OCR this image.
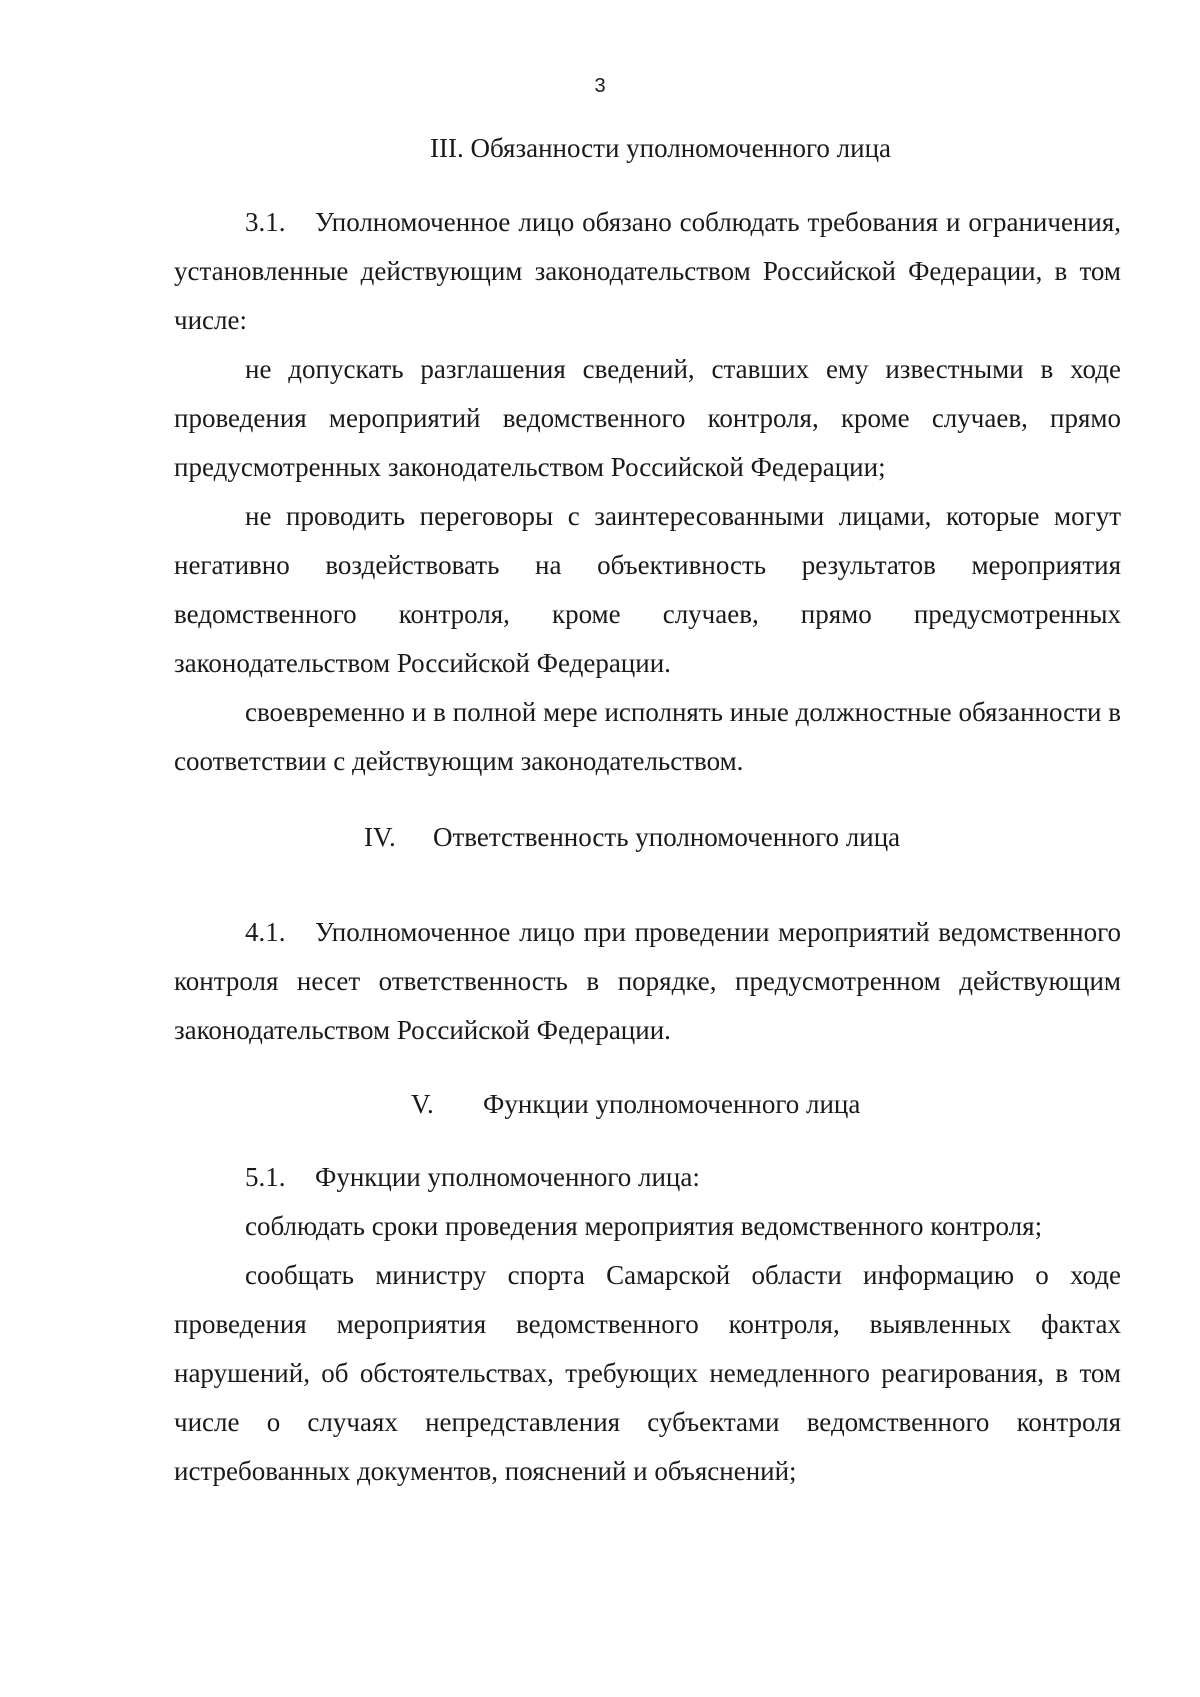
3
III. Обязанности уполномоченного лица

3.1. Уполномоченное лицо обязано соблюдать требования и ограничения, установленные действующим законодательством Российской Федерации, в том числе:

не допускать разглашения сведений, ставших ему известными в ходе проведения мероприятий ведомственного контроля, кроме случаев, прямо предусмотренных законодательством Российской Федерации;

не проводить переговоры с заинтересованными лицами, которые могут негативно воздействовать на объективность результатов мероприятия ведомственного контроля, кроме случаев, прямо предусмотренных законодательством Российской Федерации.

своевременно и в полной мере исполнять иные должностные обязанности в соответствии с действующим законодательством.

IV. Ответственность уполномоченного лица

4.1. Уполномоченное лицо при проведении мероприятий ведомственного контроля несет ответственность в порядке, предусмотренном действующим законодательством Российской Федерации.

V. Функции уполномоченного лица

5.1. Функции уполномоченного лица:

соблюдать сроки проведения мероприятия ведомственного контроля;

сообщать министру спорта Самарской области информацию о ходе проведения мероприятия ведомственного контроля, выявленных фактах нарушений, об обстоятельствах, требующих немедленного реагирования, в том числе о случаях непредставления субъектами ведомственного контроля истребованных документов, пояснений и объяснений;
